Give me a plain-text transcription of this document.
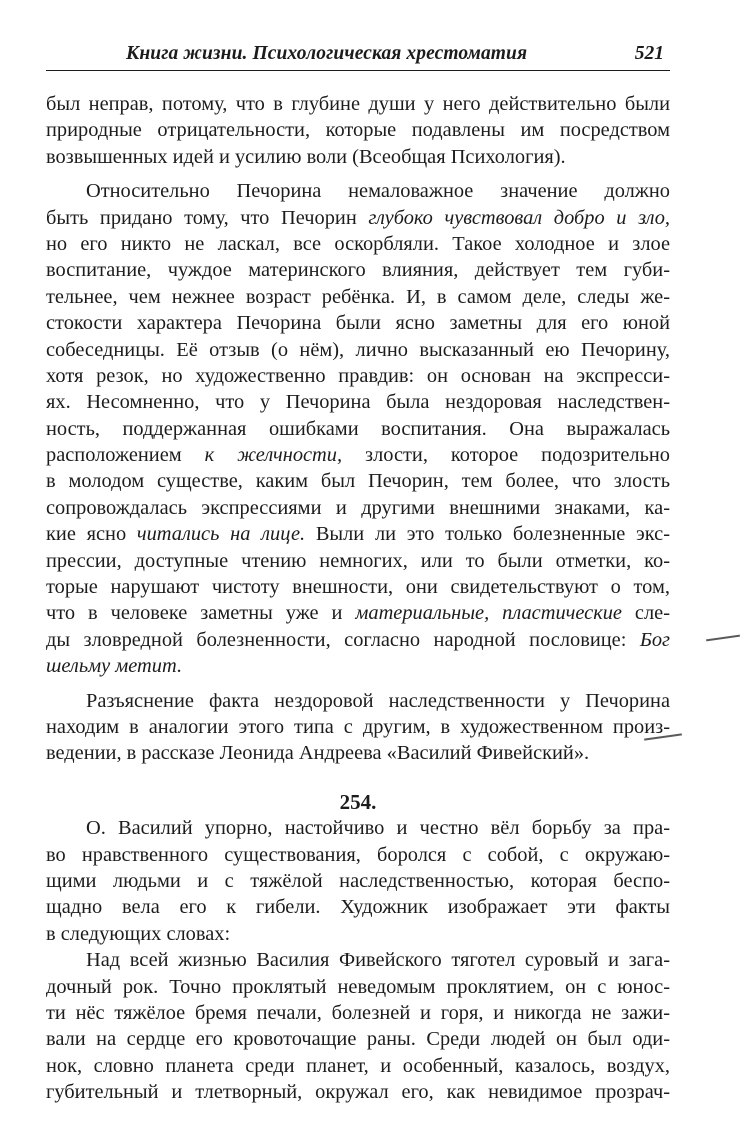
Книга жизни. Психологическая хрестоматия	521
был неправ, потому, что в глубине души у него действительно были
природные отрицательности, которые подавлены им посредством
возвышенных идей и усилию воли (Всеобщая Психология).
Относительно Печорина немаловажное значение должно
быть придано тому, что Печорин глубоко чувствовал добро и зло,
но его никто не ласкал, все оскорбляли. Такое холодное и злое
воспитание, чуждое материнского влияния, действует тем губи-
тельнее, чем нежнее возраст ребёнка. И, в самом деле, следы же-
стокости характера Печорина были ясно заметны для его юной
собеседницы. Её отзыв (о нём), лично высказанный ею Печорину,
хотя резок, но художественно правдив: он основан на экспресси-
ях. Несомненно, что у Печорина была нездоровая наследствен-
ность, поддержанная ошибками воспитания. Она выражалась
расположением к желчности, злости, которое подозрительно
в молодом существе, каким был Печорин, тем более, что злость
сопровождалась экспрессиями и другими внешними знаками, ка-
кие ясно читались на лице. Выли ли это только болезненные экс-
прессии, доступные чтению немногих, или то были отметки, ко-
торые нарушают чистоту внешности, они свидетельствуют о том,
что в человеке заметны уже и материальные, пластические сле-
ды зловредной болезненности, согласно народной пословице: Бог
шельму метит.
Разъяснение факта нездоровой наследственности у Печорина
находим в аналогии этого типа с другим, в художественном произ-
ведении, в рассказе Леонида Андреева «Василий Фивейский».
254.
О. Василий упорно, настойчиво и честно вёл борьбу за пра-
во нравственного существования, боролся с собой, с окружаю-
щими людьми и с тяжёлой наследственностью, которая беспо-
щадно вела его к гибели. Художник изображает эти факты
в следующих словах:
Над всей жизнью Василия Фивейского тяготел суровый и зага-
дочный рок. Точно проклятый неведомым проклятием, он с юнос-
ти нёс тяжёлое бремя печали, болезней и горя, и никогда не зажи-
вали на сердце его кровоточащие раны. Среди людей он был оди-
нок, словно планета среди планет, и особенный, казалось, воздух,
губительный и тлетворный, окружал его, как невидимое прозрач-
